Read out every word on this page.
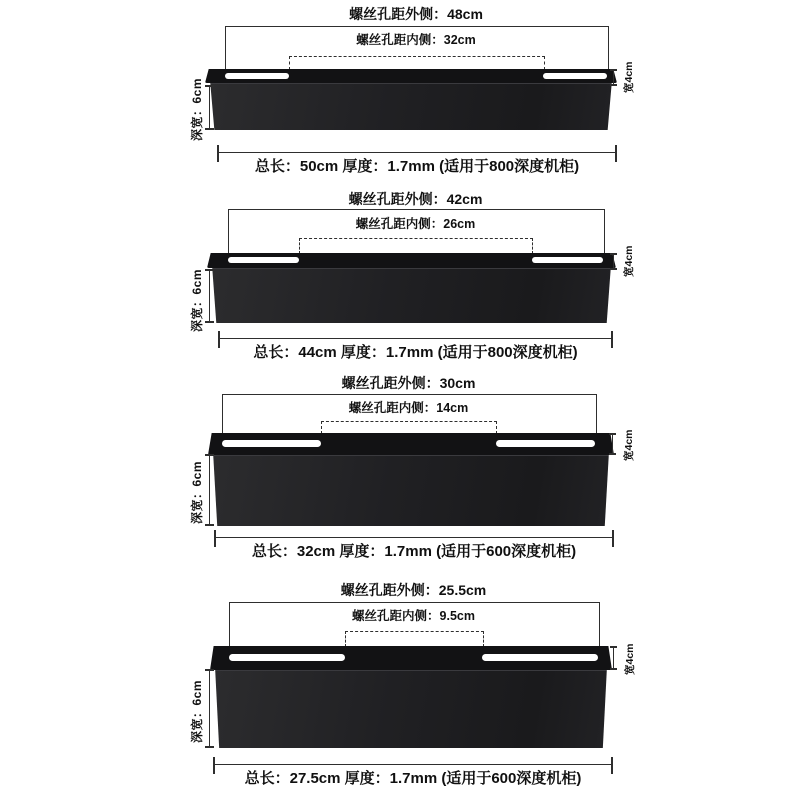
螺丝孔距外侧：48cm
螺丝孔距内侧：32cm
宽4cm
深宽：6cm
总长：50cm 厚度：1.7mm (适用于800深度机柜)
螺丝孔距外侧：42cm
螺丝孔距内侧：26cm
宽4cm
深宽：6cm
总长：44cm 厚度：1.7mm (适用于800深度机柜)
螺丝孔距外侧：30cm
螺丝孔距内侧：14cm
宽4cm
深宽：6cm
总长：32cm 厚度：1.7mm (适用于600深度机柜)
螺丝孔距外侧：25.5cm
螺丝孔距内侧：9.5cm
宽4cm
深宽：6cm
总长：27.5cm 厚度：1.7mm (适用于600深度机柜)
